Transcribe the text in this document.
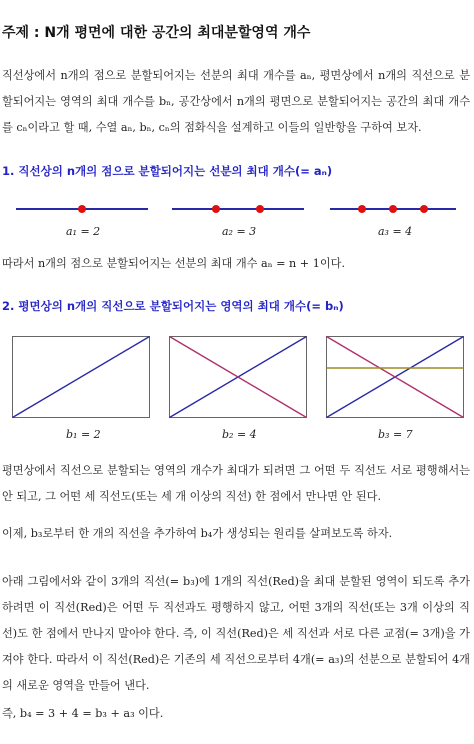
주제 : N개 평면에 대한 공간의 최대분할영역 개수
직선상에서 n개의 점으로 분할되어지는 선분의 최대 개수를 aₙ, 평면상에서 n개의 직선으로 분할되어지는 영역의 최대 개수를 bₙ, 공간상에서 n개의 평면으로 분할되어지는 공간의 최대 개수를 cₙ이라고 할 때, 수열 aₙ, bₙ, cₙ의 점화식을 설계하고 이들의 일반항을 구하여 보자.
1. 직선상의 n개의 점으로 분할되어지는 선분의 최대 개수(= aₙ)
a₁ = 2	a₂ = 3	a₃ = 4
따라서 n개의 점으로 분할되어지는 선분의 최대 개수 aₙ = n + 1이다.
2. 평면상의 n개의 직선으로 분할되어지는 영역의 최대 개수(= bₙ)
b₁ = 2	b₂ = 4	b₃ = 7
평면상에서 직선으로 분할되는 영역의 개수가 최대가 되려면 그 어떤 두 직선도 서로 평행해서는 안 되고, 그 어떤 세 직선도(또는 세 개 이상의 직선) 한 점에서 만나면 안 된다.
이제, b₃로부터 한 개의 직선을 추가하여 b₄가 생성되는 원리를 살펴보도록 하자.
아래 그림에서와 같이 3개의 직선(= b₃)에 1개의 직선(Red)을 최대 분할된 영역이 되도록 추가하려면 이 직선(Red)은 어떤 두 직선과도 평행하지 않고, 어떤 3개의 직선(또는 3개 이상의 직선)도 한 점에서 만나지 말아야 한다. 즉, 이 직선(Red)은 세 직선과 서로 다른 교점(= 3개)을 가져야 한다. 따라서 이 직선(Red)은 기존의 세 직선으로부터 4개(= a₃)의 선분으로 분할되어 4개의 새로운 영역을 만들어 낸다.
즉, b₄ = 3 + 4 = b₃ + a₃ 이다.
